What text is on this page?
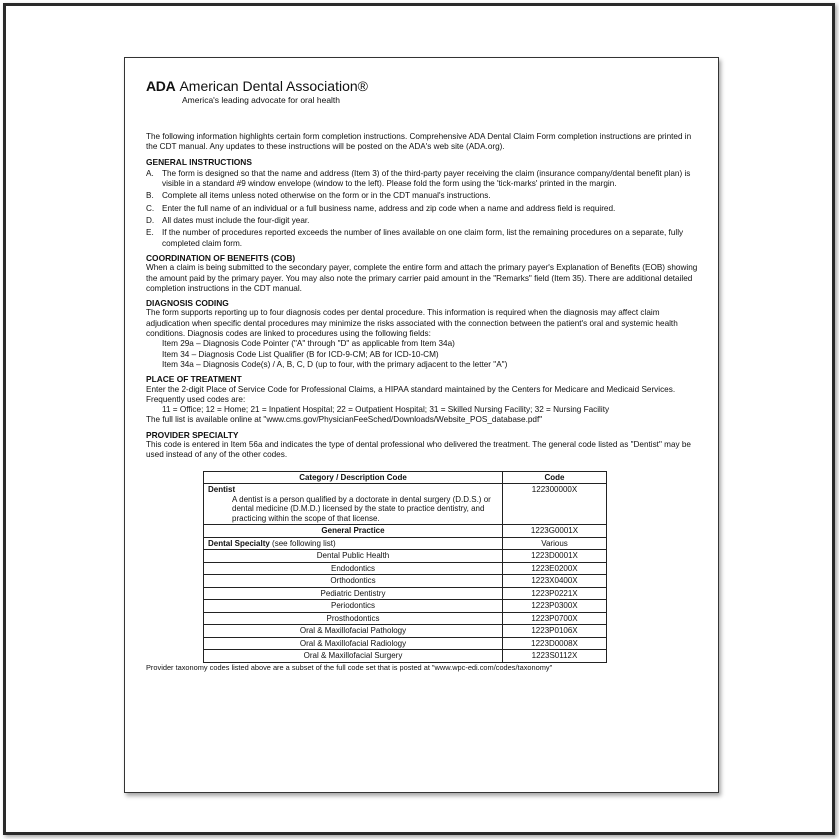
ADA American Dental Association®
America's leading advocate for oral health

The following information highlights certain form completion instructions. Comprehensive ADA Dental Claim Form completion instructions are printed in the CDT manual. Any updates to these instructions will be posted on the ADA's web site (ADA.org).

GENERAL INSTRUCTIONS
A.	The form is designed so that the name and address (Item 3) of the third-party payer receiving the claim (insurance company/dental benefit plan) is visible in a standard #9 window envelope (window to the left). Please fold the form using the 'tick-marks' printed in the margin.
B.	Complete all items unless noted otherwise on the form or in the CDT manual's instructions.
C. Enter the full name of an individual or a full business name, address and zip code when a name and address field is required.
D. All dates must include the four-digit year.
E.	If the number of procedures reported exceeds the number of lines available on one claim form, list the remaining procedures on a separate, fully completed claim form.
COORDINATION OF BENEFITS (COB)

When a claim is being submitted to the secondary payer, complete the entire form and attach the primary payer's Explanation of Benefits (EOB) showing the amount paid by the primary payer. You may also note the primary carrier paid amount in the "Remarks" field (Item 35). There are additional detailed completion instructions in the CDT manual.

DIAGNOSIS CODING

The form supports reporting up to four diagnosis codes per dental procedure. This information is required when the diagnosis may affect claim adjudication when specific dental procedures may minimize the risks associated with the connection between the patient's oral and systemic health conditions. Diagnosis codes are linked to procedures using the following fields:

Item 29a – Diagnosis Code Pointer ("A" through "D" as applicable from Item 34a)

Item 34 – Diagnosis Code List Qualifier (B for ICD-9-CM; AB for ICD-10-CM)

Item 34a – Diagnosis Code(s) / A, B, C, D (up to four, with the primary adjacent to the letter "A")

PLACE OF TREATMENT

Enter the 2-digit Place of Service Code for Professional Claims, a HIPAA standard maintained by the Centers for Medicare and Medicaid Services. Frequently used codes are:

11 = Office; 12 = Home; 21 = Inpatient Hospital; 22 = Outpatient Hospital; 31 = Skilled Nursing Facility; 32 = Nursing Facility

The full list is available online at "www.cms.gov/PhysicianFeeSched/Downloads/Website_POS_database.pdf"

PROVIDER SPECIALTY

This code is entered in Item 56a and indicates the type of dental professional who delivered the treatment. The general code listed as "Dentist" may be used instead of any of the other codes.

Category / Description Code	Code

Dentist
A dentist is a person qualified by a doctorate in dental surgery (D.D.S.) or dental medicine (D.M.D.) licensed by the state to practice dentistry, and practicing within the scope of that license.	122300000X
General Practice	1223G0001X
Dental Specialty (see following list)	Various
Dental Public Health	1223D0001X
Endodontics	1223E0200X
Orthodontics	1223X0400X
Pediatric Dentistry	1223P0221X
Periodontics	1223P0300X
Prosthodontics	1223P0700X
Oral & Maxillofacial Pathology	1223P0106X
Oral & Maxillofacial Radiology	1223D0008X
Oral & Maxillofacial Surgery	1223S0112X

Provider taxonomy codes listed above are a subset of the full code set that is posted at "www.wpc-edi.com/codes/taxonomy"
